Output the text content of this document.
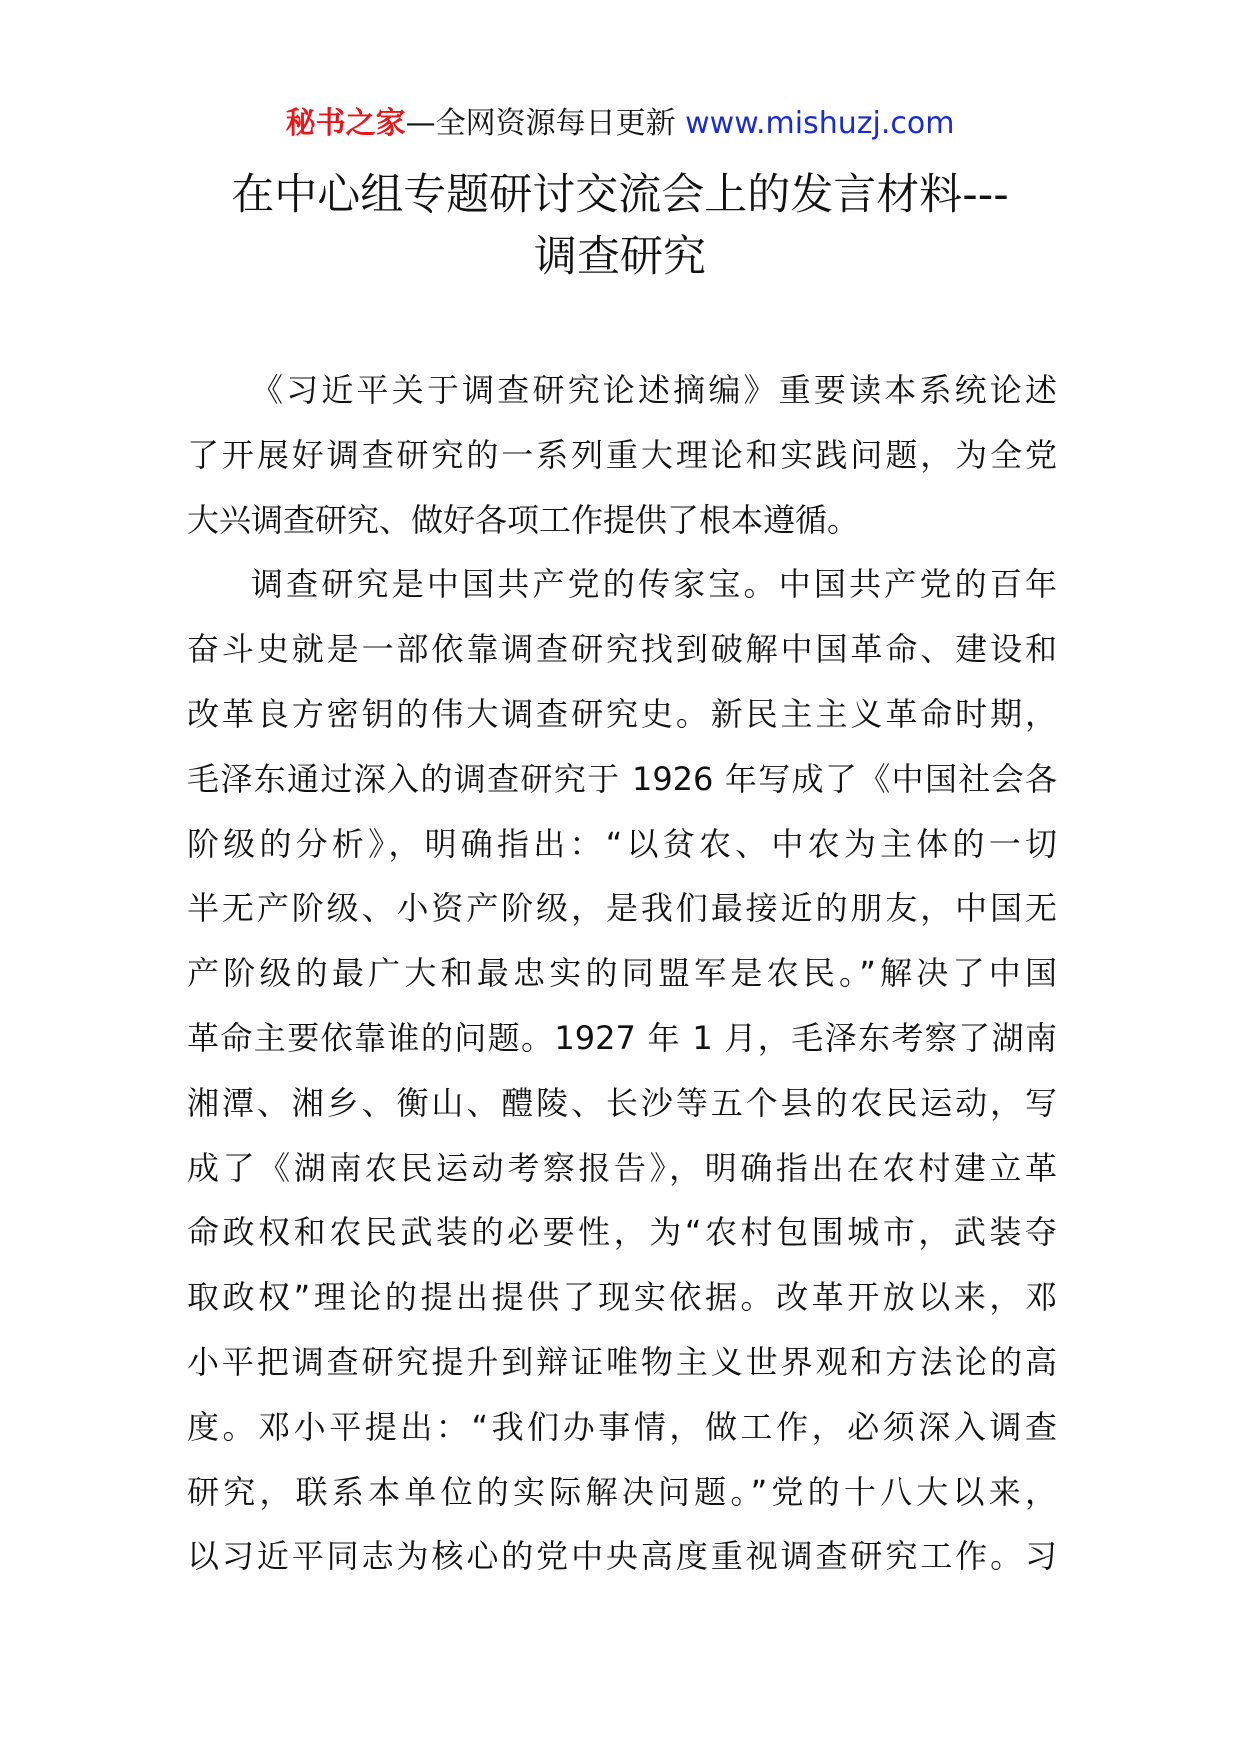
秘书之家—全网资源每日更新 www.mishuzj.com
在中心组专题研讨交流会上的发言材料---
调查研究
《习近平关于调查研究论述摘编》重要读本系统论述
了开展好调查研究的一系列重大理论和实践问题，为全党
大兴调查研究、做好各项工作提供了根本遵循。
调查研究是中国共产党的传家宝。中国共产党的百年
奋斗史就是一部依靠调查研究找到破解中国革命、建设和
改革良方密钥的伟大调查研究史。新民主主义革命时期，
毛泽东通过深入的调查研究于 1926 年写成了《中国社会各
阶级的分析》，明确指出：“以贫农、中农为主体的一切
半无产阶级、小资产阶级，是我们最接近的朋友，中国无
产阶级的最广大和最忠实的同盟军是农民。”解决了中国
革命主要依靠谁的问题。1927 年 1 月，毛泽东考察了湖南
湘潭、湘乡、衡山、醴陵、长沙等五个县的农民运动，写
成了《湖南农民运动考察报告》，明确指出在农村建立革
命政权和农民武装的必要性，为“农村包围城市，武装夺
取政权”理论的提出提供了现实依据。改革开放以来，邓
小平把调查研究提升到辩证唯物主义世界观和方法论的高
度。邓小平提出：“我们办事情，做工作，必须深入调查
研究，联系本单位的实际解决问题。”党的十八大以来，
以习近平同志为核心的党中央高度重视调查研究工作。习
